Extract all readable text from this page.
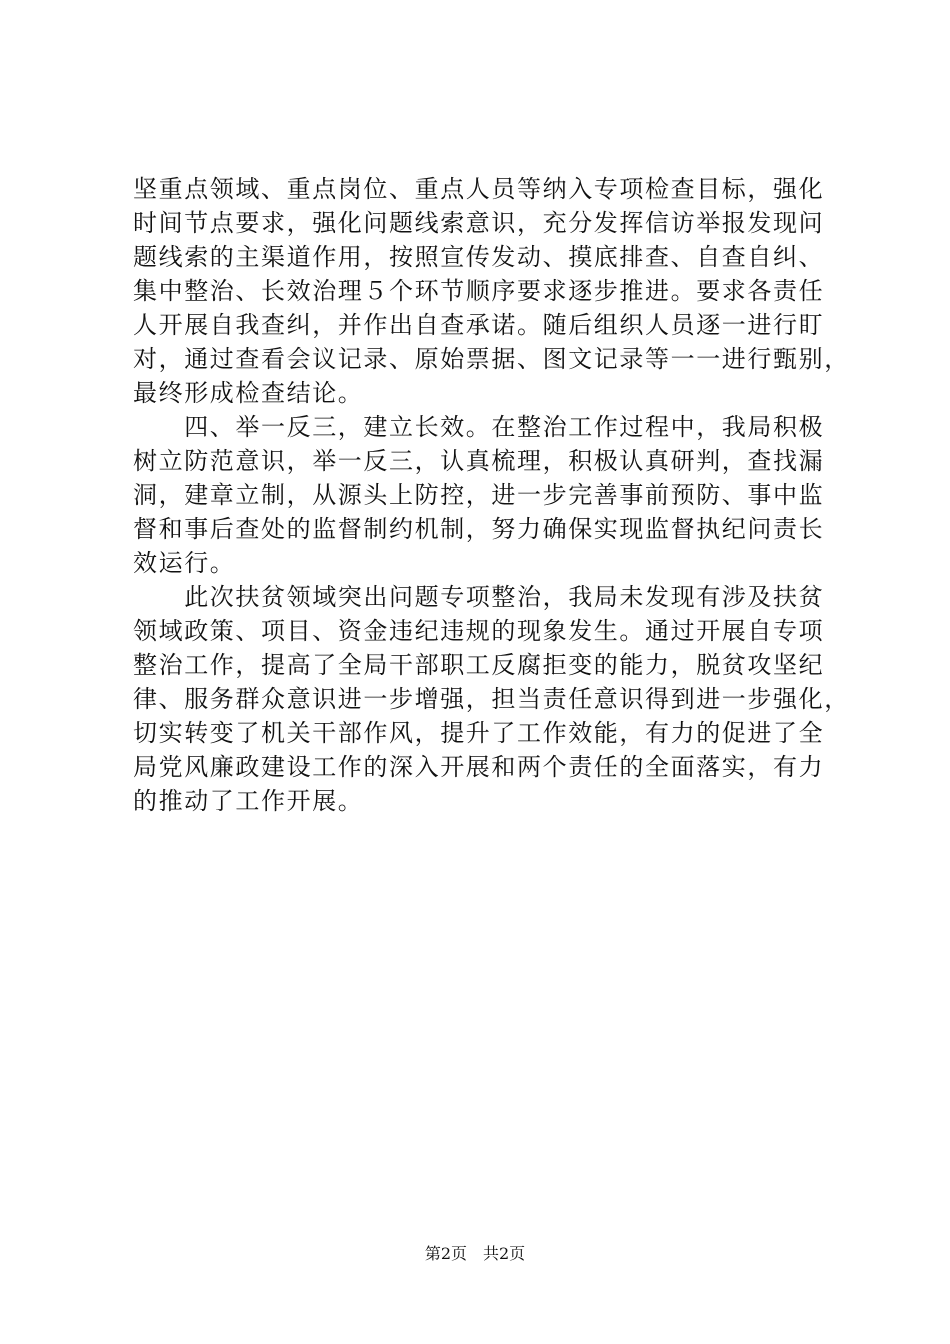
坚重点领域、重点岗位、重点人员等纳入专项检查目标，强化
时间节点要求，强化问题线索意识，充分发挥信访举报发现问
题线索的主渠道作用，按照宣传发动、摸底排查、自查自纠、
集中整治、长效治理５个环节顺序要求逐步推进。要求各责任
人开展自我查纠，并作出自查承诺。随后组织人员逐一进行盯
对，通过查看会议记录、原始票据、图文记录等一一进行甄别，
最终形成检查结论。
　　四、举一反三，建立长效。在整治工作过程中，我局积极
树立防范意识，举一反三，认真梳理，积极认真研判，查找漏
洞，建章立制，从源头上防控，进一步完善事前预防、事中监
督和事后查处的监督制约机制，努力确保实现监督执纪问责长
效运行。
　　此次扶贫领域突出问题专项整治，我局未发现有涉及扶贫
领域政策、项目、资金违纪违规的现象发生。通过开展自专项
整治工作，提高了全局干部职工反腐拒变的能力，脱贫攻坚纪
律、服务群众意识进一步增强，担当责任意识得到进一步强化，
切实转变了机关干部作风，提升了工作效能，有力的促进了全
局党风廉政建设工作的深入开展和两个责任的全面落实，有力
的推动了工作开展。
第2页　共2页
